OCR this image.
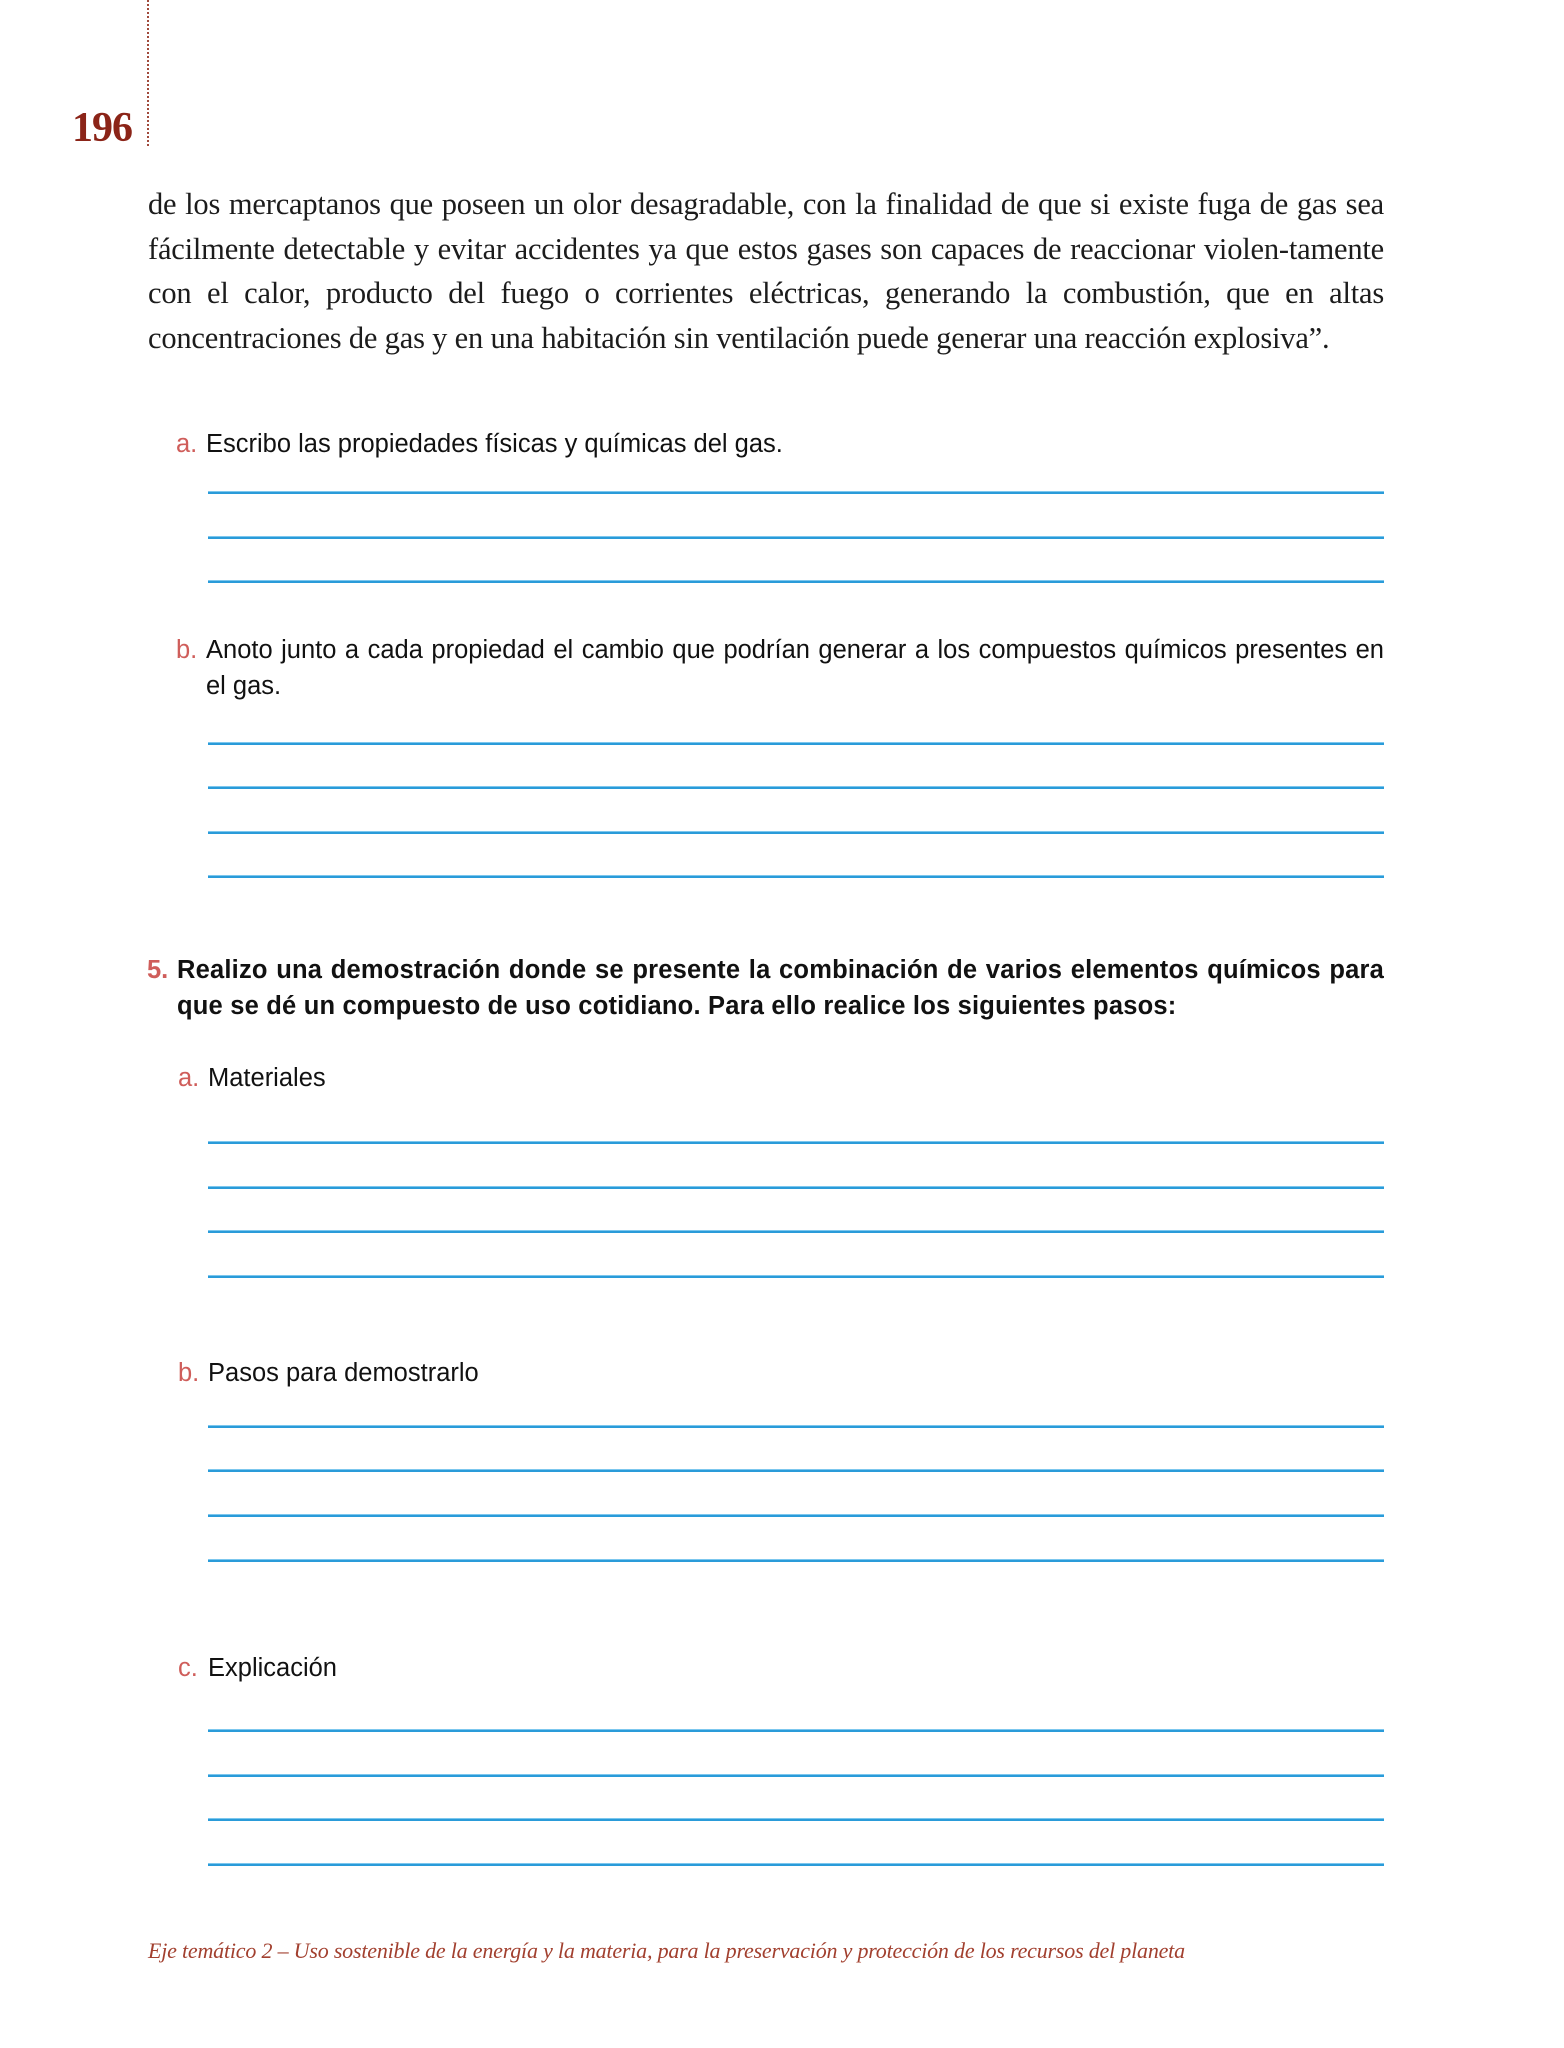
196

de los mercaptanos que poseen un olor desagradable, con la finalidad de que si existe fuga de gas sea fácilmente detectable y evitar accidentes ya que estos gases son capaces de reaccionar violen-tamente con el calor, producto del fuego o corrientes eléctricas, generando la combustión, que en altas concentraciones de gas y en una habitación sin ventilación puede generar una reacción explosiva”.

a. Escribo las propiedades físicas y químicas del gas.
b. Anoto junto a cada propiedad el cambio que podrían generar a los compuestos químicos presentes en el gas.
5. Realizo una demostración donde se presente la combinación de varios elementos químicos para que se dé un compuesto de uso cotidiano. Para ello realice los siguientes pasos:
a. Materiales
b. Pasos para demostrarlo
c. Explicación
Eje temático 2 – Uso sostenible de la energía y la materia, para la preservación y protección de los recursos del planeta
